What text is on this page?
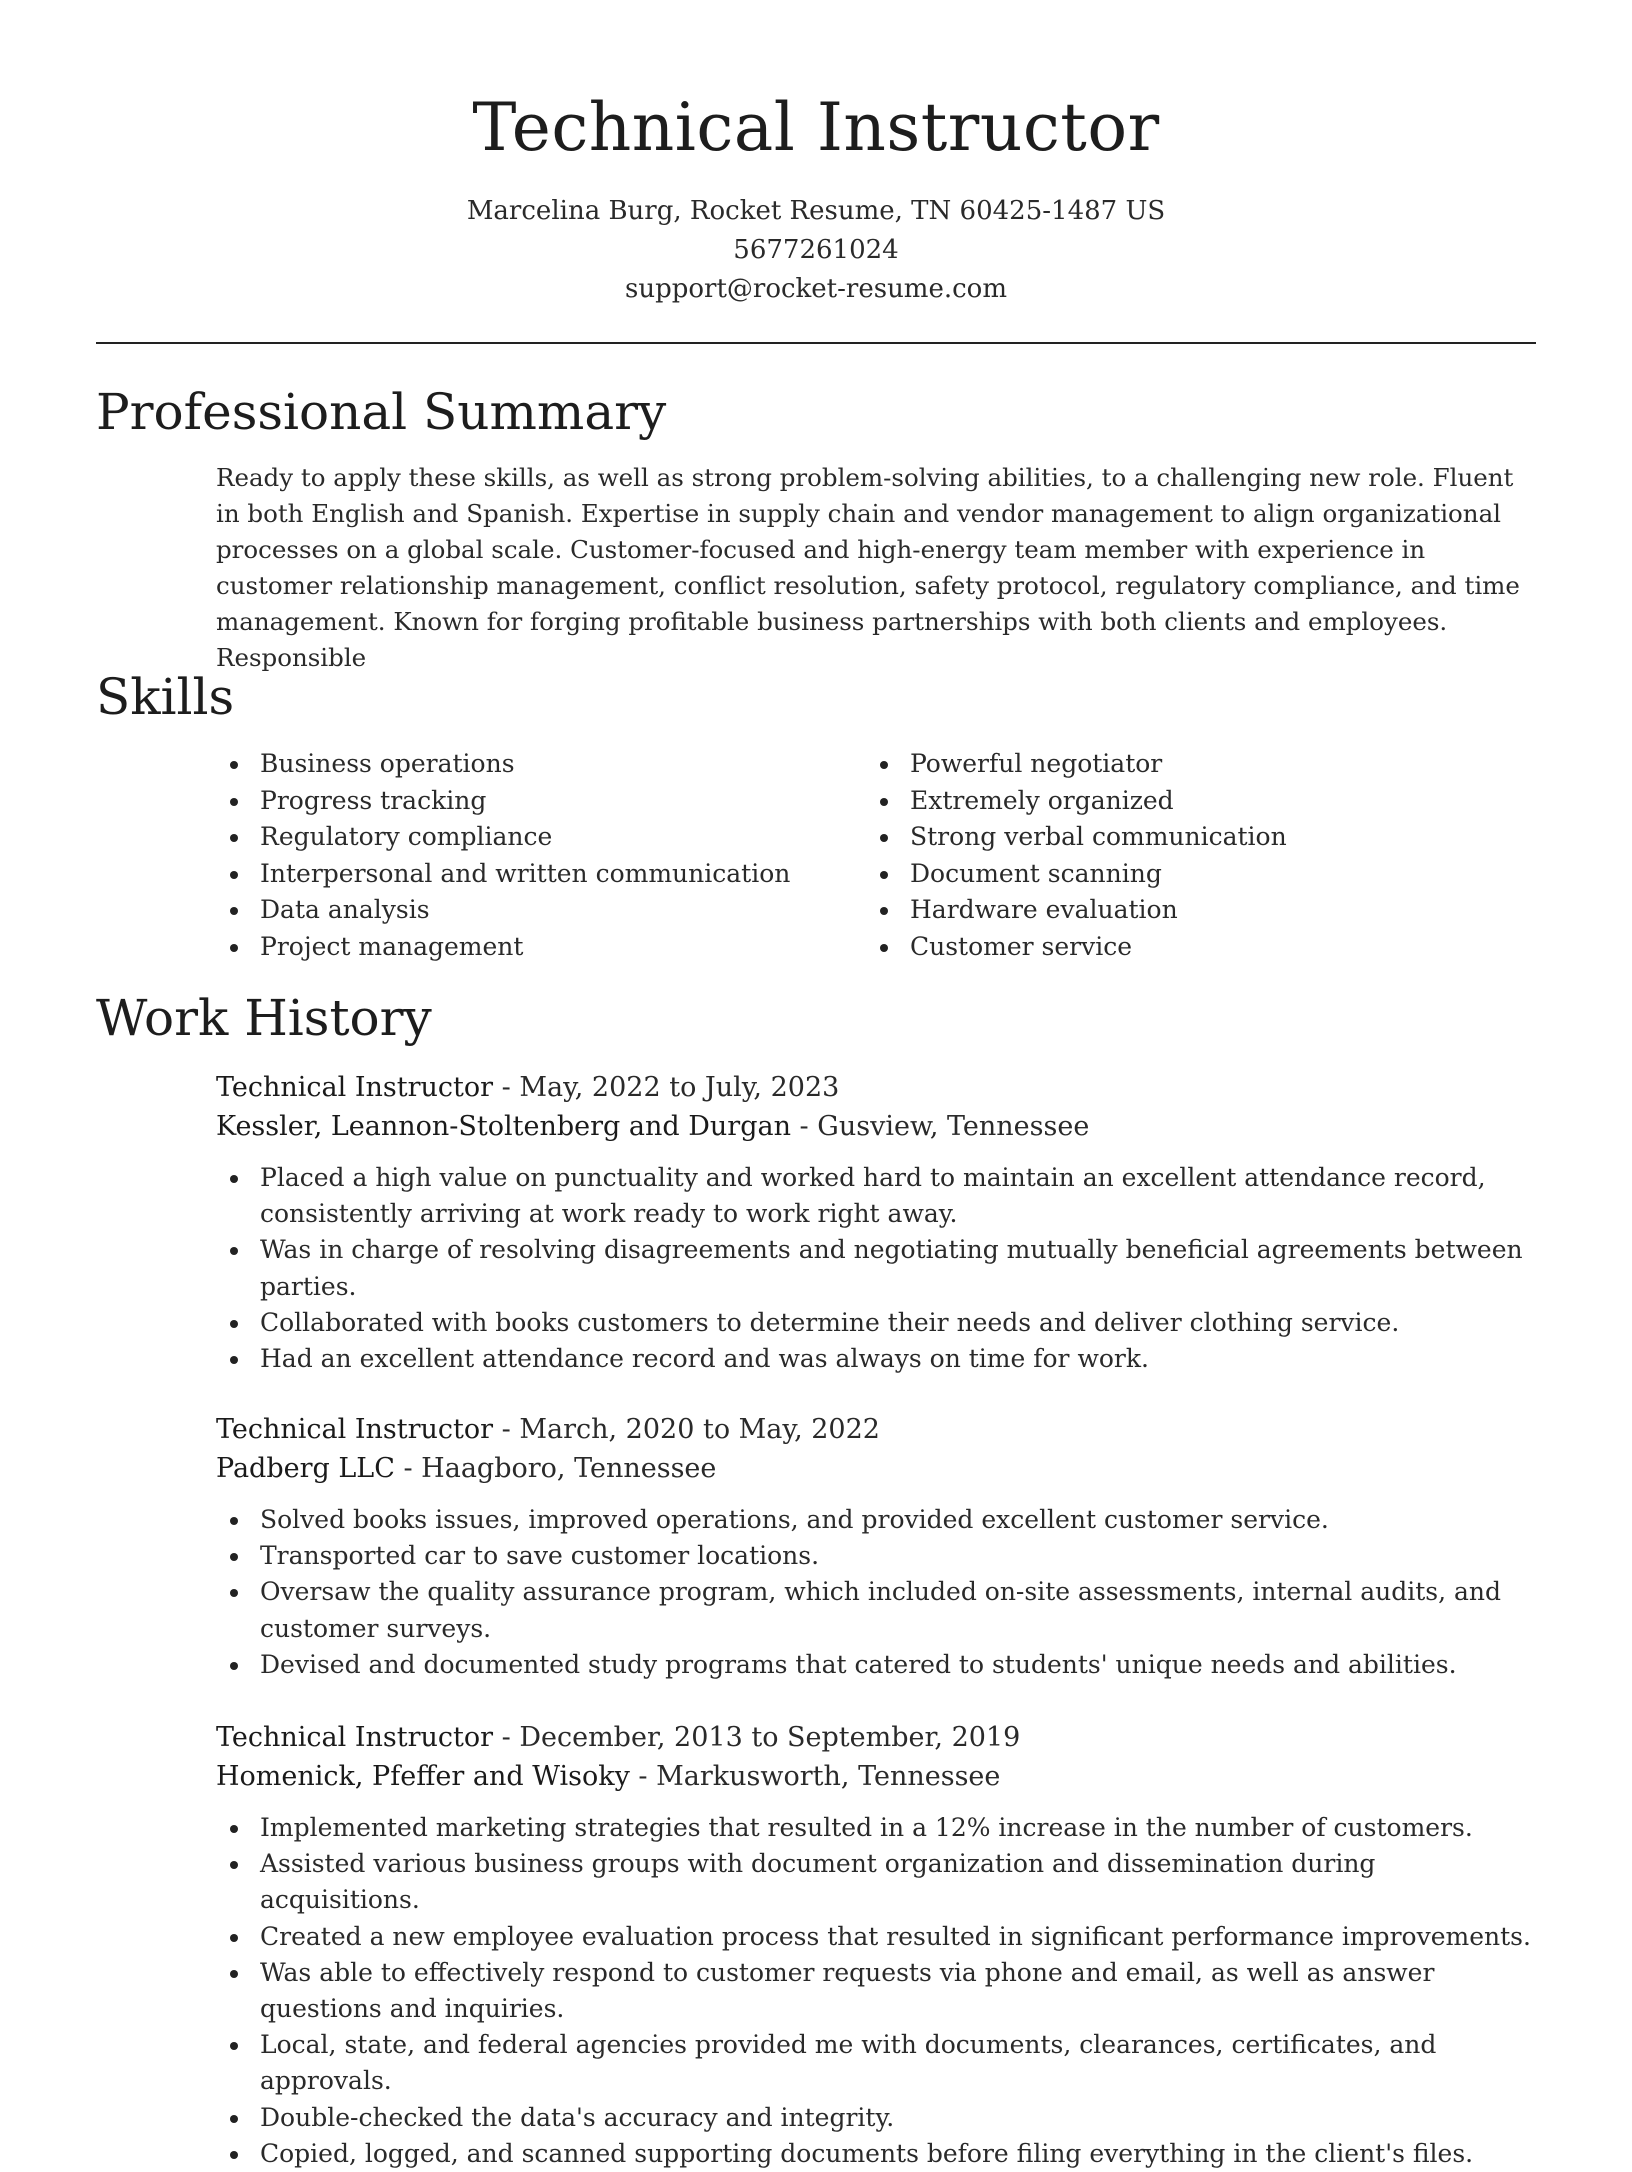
Technical Instructor
Marcelina Burg, Rocket Resume, TN 60425-1487 US
5677261024
support@rocket-resume.com
Professional Summary

Ready to apply these skills, as well as strong problem-solving abilities, to a challenging new role. Fluent in both English and Spanish. Expertise in supply chain and vendor management to align organizational processes on a global scale. Customer-focused and high-energy team member with experience in customer relationship management, conflict resolution, safety protocol, regulatory compliance, and time management. Known for forging profitable business partnerships with both clients and employees. Responsible

Skills
Business operations
Progress tracking
Regulatory compliance
Interpersonal and written communication
Data analysis
Project management
Powerful negotiator
Extremely organized
Strong verbal communication
Document scanning
Hardware evaluation
Customer service
Work History
Technical Instructor - May, 2022 to July, 2023
Kessler, Leannon-Stoltenberg and Durgan - Gusview, Tennessee
Placed a high value on punctuality and worked hard to maintain an excellent attendance record, consistently arriving at work ready to work right away.
Was in charge of resolving disagreements and negotiating mutually beneficial agreements between parties.
Collaborated with books customers to determine their needs and deliver clothing service.
Had an excellent attendance record and was always on time for work.
Technical Instructor - March, 2020 to May, 2022
Padberg LLC - Haagboro, Tennessee
Solved books issues, improved operations, and provided excellent customer service.
Transported car to save customer locations.
Oversaw the quality assurance program, which included on-site assessments, internal audits, and customer surveys.
Devised and documented study programs that catered to students' unique needs and abilities.
Technical Instructor - December, 2013 to September, 2019
Homenick, Pfeffer and Wisoky - Markusworth, Tennessee
Implemented marketing strategies that resulted in a 12% increase in the number of customers.
Assisted various business groups with document organization and dissemination during acquisitions.
Created a new employee evaluation process that resulted in significant performance improvements.
Was able to effectively respond to customer requests via phone and email, as well as answer questions and inquiries.
Local, state, and federal agencies provided me with documents, clearances, certificates, and approvals.
Double-checked the data's accuracy and integrity.
Copied, logged, and scanned supporting documents before filing everything in the client's files.
